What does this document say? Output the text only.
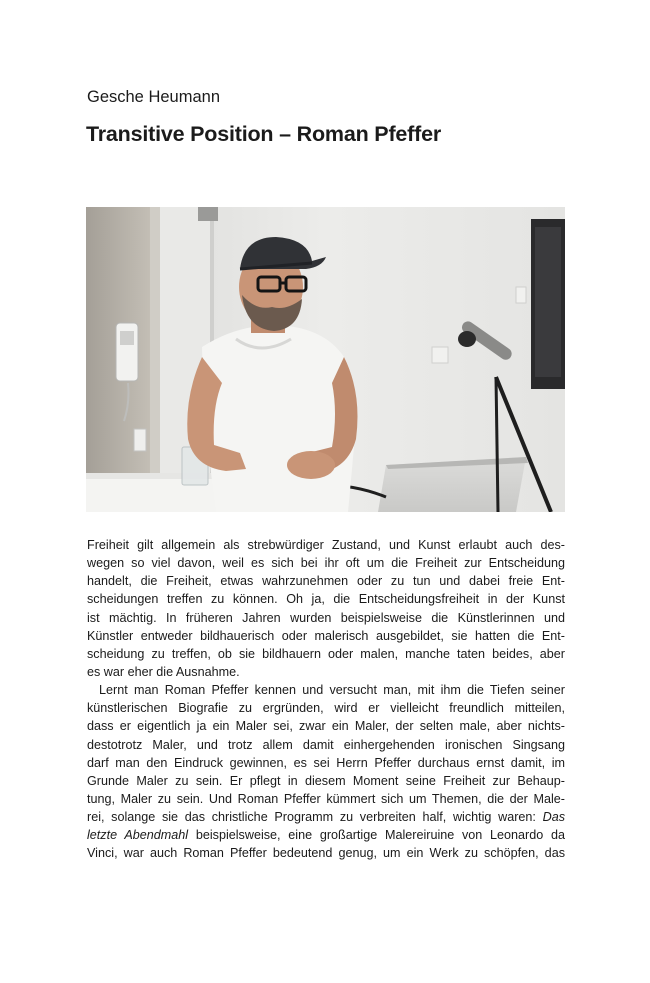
Gesche Heumann
Transitive Position – Roman Pfeffer

Freiheit gilt allgemein als strebwürdiger Zustand, und Kunst erlaubt auch des-
wegen so viel davon, weil es sich bei ihr oft um die Freiheit zur Entscheidung
handelt, die Freiheit, etwas wahrzunehmen oder zu tun und dabei freie Ent-
scheidungen treffen zu können. Oh ja, die Entscheidungsfreiheit in der Kunst
ist mächtig. In früheren Jahren wurden beispielsweise die Künstlerinnen und
Künstler entweder bildhauerisch oder malerisch ausgebildet, sie hatten die Ent-
scheidung zu treffen, ob sie bildhauern oder malen, manche taten beides, aber
es war eher die Ausnahme.

Lernt man Roman Pfeffer kennen und versucht man, mit ihm die Tiefen seiner
künstlerischen Biografie zu ergründen, wird er vielleicht freundlich mitteilen,
dass er eigentlich ja ein Maler sei, zwar ein Maler, der selten male, aber nichts-
destotrotz Maler, und trotz allem damit einhergehenden ironischen Singsang
darf man den Eindruck gewinnen, es sei Herrn Pfeffer durchaus ernst damit, im
Grunde Maler zu sein. Er pflegt in diesem Moment seine Freiheit zur Behaup-
tung, Maler zu sein. Und Roman Pfeffer kümmert sich um Themen, die der Male-
rei, solange sie das christliche Programm zu verbreiten half, wichtig waren: Das
letzte Abendmahl beispielsweise, eine großartige Malereiruine von Leonardo da
Vinci, war auch Roman Pfeffer bedeutend genug, um ein Werk zu schöpfen, das
